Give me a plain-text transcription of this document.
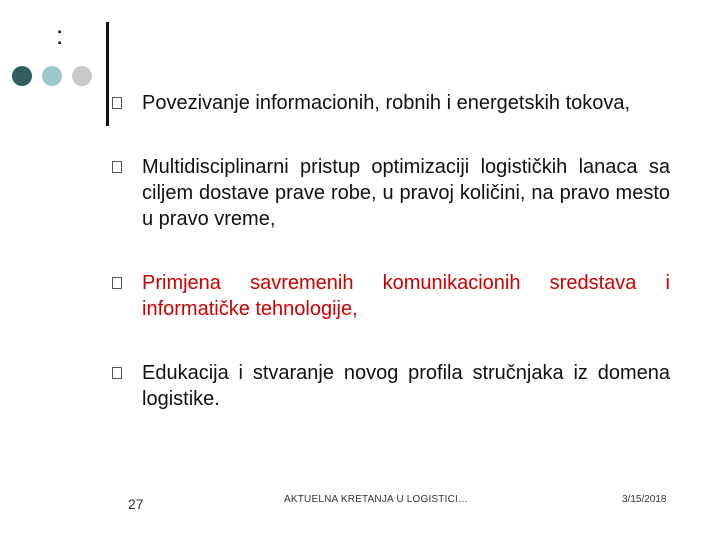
:
Povezivanje informacionih, robnih i energetskih tokova,
Multidisciplinarni pristup optimizaciji logističkih lanaca sa ciljem dostave prave robe, u pravoj količini, na pravo mesto u pravo vreme,
Primjena savremenih komunikacionih sredstava i informatičke tehnologije,
Edukacija i stvaranje novog profila stručnjaka iz domena logistike.
27	AKTUELNA KRETANJA U LOGISTICI…	3/15/2018
